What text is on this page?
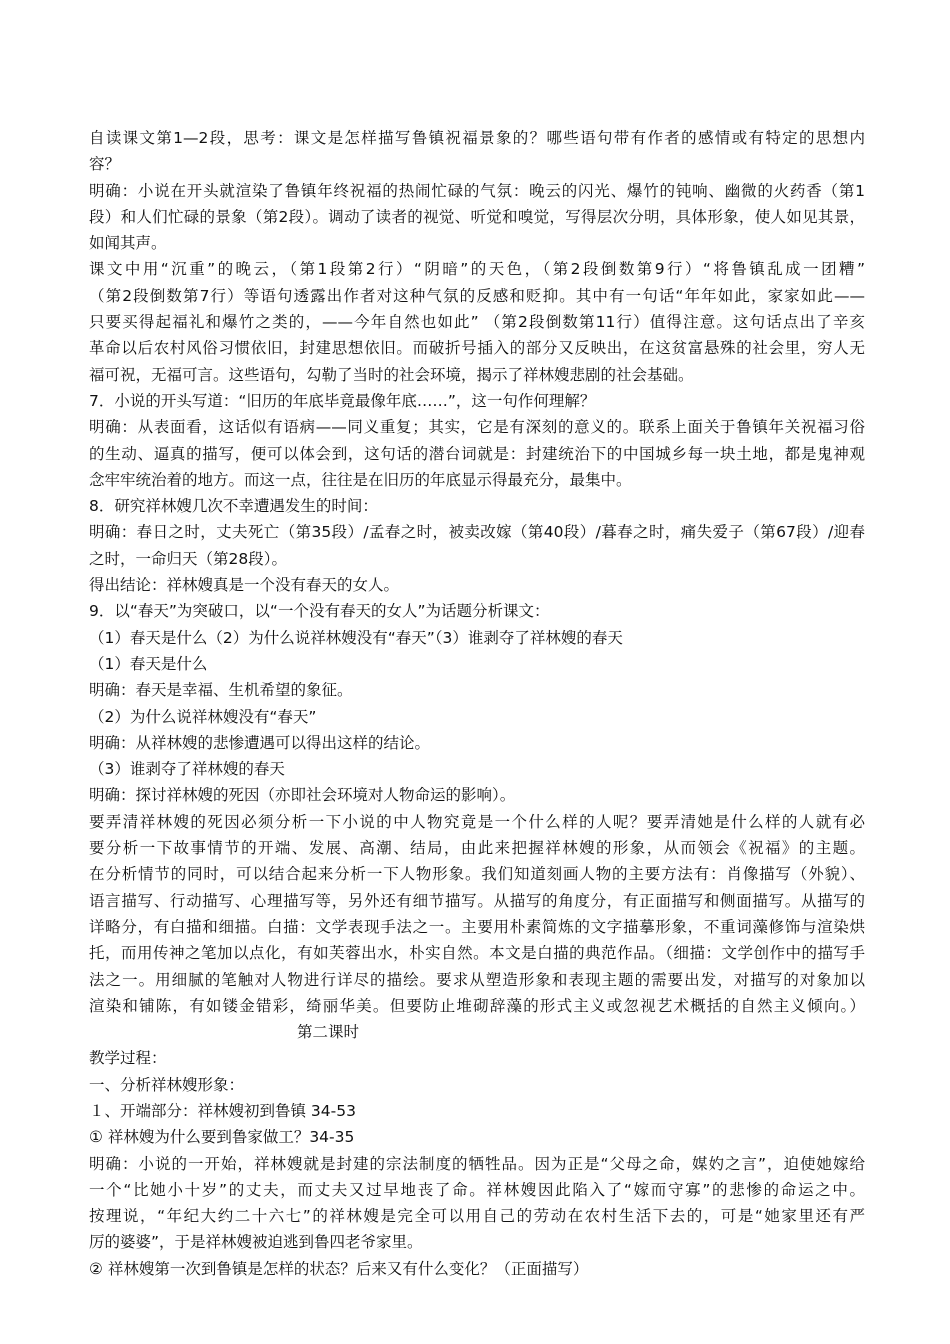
自读课文第1—2段，思考：课文是怎样描写鲁镇祝福景象的？哪些语句带有作者的感情或有特定的思想内
容？
明确：小说在开头就渲染了鲁镇年终祝福的热闹忙碌的气氛：晚云的闪光、爆竹的钝响、幽微的火药香（第1
段）和人们忙碌的景象（第2段）。调动了读者的视觉、听觉和嗅觉，写得层次分明，具体形象，使人如见其景，
如闻其声。
课文中用“沉重”的晚云，（第1段第2行）“阴暗”的天色，（第2段倒数第9行）“将鲁镇乱成一团糟”
（第2段倒数第7行）等语句透露出作者对这种气氛的反感和贬抑。其中有一句话“年年如此，家家如此——
只要买得起福礼和爆竹之类的，——今年自然也如此” （第2段倒数第11行）值得注意。这句话点出了辛亥
革命以后农村风俗习惯依旧，封建思想依旧。而破折号插入的部分又反映出，在这贫富悬殊的社会里，穷人无
福可祝，无福可言。这些语句，勾勒了当时的社会环境，揭示了祥林嫂悲剧的社会基础。
7．小说的开头写道：“旧历的年底毕竟最像年底……”，这一句作何理解？
明确：从表面看，这话似有语病——同义重复；其实，它是有深刻的意义的。联系上面关于鲁镇年关祝福习俗
的生动、逼真的描写，便可以体会到，这句话的潜台词就是：封建统治下的中国城乡每一块土地，都是鬼神观
念牢牢统治着的地方。而这一点，往往是在旧历的年底显示得最充分，最集中。
8．研究祥林嫂几次不幸遭遇发生的时间：
明确：春日之时，丈夫死亡（第35段）/孟春之时，被卖改嫁（第40段）/暮春之时，痛失爱子（第67段）/迎春
之时，一命归天（第28段）。
得出结论：祥林嫂真是一个没有春天的女人。
9．以“春天”为突破口，以“一个没有春天的女人”为话题分析课文：
（1）春天是什么（2）为什么说祥林嫂没有“春天”（3）谁剥夺了祥林嫂的春天
（1）春天是什么
明确：春天是幸福、生机希望的象征。
（2）为什么说祥林嫂没有“春天”
明确：从祥林嫂的悲惨遭遇可以得出这样的结论。
（3）谁剥夺了祥林嫂的春天
明确：探讨祥林嫂的死因（亦即社会环境对人物命运的影响）。
要弄清祥林嫂的死因必须分析一下小说的中人物究竟是一个什么样的人呢？要弄清她是什么样的人就有必
要分析一下故事情节的开端、发展、高潮、结局，由此来把握祥林嫂的形象，从而领会《祝福》的主题。
在分析情节的同时，可以结合起来分析一下人物形象。我们知道刻画人物的主要方法有：肖像描写（外貌）、
语言描写、行动描写、心理描写等，另外还有细节描写。从描写的角度分，有正面描写和侧面描写。从描写的
详略分，有白描和细描。白描：文学表现手法之一。主要用朴素简炼的文字描摹形象，不重词藻修饰与渲染烘
托，而用传神之笔加以点化，有如芙蓉出水，朴实自然。本文是白描的典范作品。（细描：文学创作中的描写手
法之一。用细腻的笔触对人物进行详尽的描绘。要求从塑造形象和表现主题的需要出发，对描写的对象加以
渲染和铺陈，有如镂金错彩，绮丽华美。但要防止堆砌辞藻的形式主义或忽视艺术概括的自然主义倾向。）
第二课时
教学过程：
一、分析祥林嫂形象：
１、开端部分：祥林嫂初到鲁镇 34-53
① 祥林嫂为什么要到鲁家做工？34-35
明确：小说的一开始，祥林嫂就是封建的宗法制度的牺牲品。因为正是“父母之命，媒妁之言”，迫使她嫁给
一个“比她小十岁”的丈夫，而丈夫又过早地丧了命。祥林嫂因此陷入了“嫁而守寡”的悲惨的命运之中。
按理说，“年纪大约二十六七”的祥林嫂是完全可以用自己的劳动在农村生活下去的，可是“她家里还有严
厉的婆婆”，于是祥林嫂被迫逃到鲁四老爷家里。
② 祥林嫂第一次到鲁镇是怎样的状态？后来又有什么变化？（正面描写）
